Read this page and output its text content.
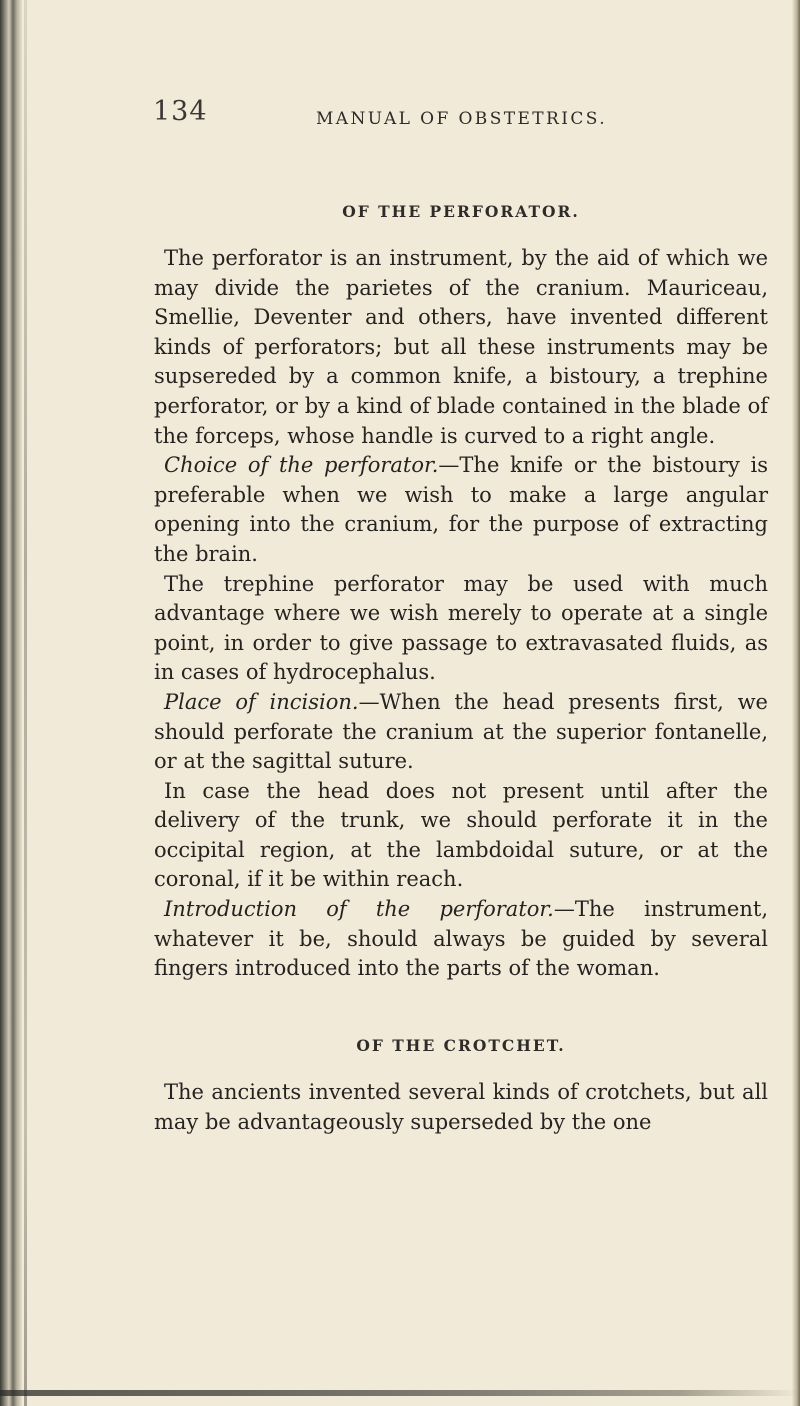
134	MANUAL OF OBSTETRICS.
OF THE PERFORATOR.

The perforator is an instrument, by the aid of which we may divide the parietes of the cranium. Mauriceau, Smellie, Deventer and others, have invented different kinds of perforators; but all these instruments may be supsereded by a common knife, a bistoury, a trephine perforator, or by a kind of blade contained in the blade of the forceps, whose handle is curved to a right angle.

Choice of the perforator.—The knife or the bistoury is preferable when we wish to make a large angular opening into the cranium, for the purpose of extracting the brain.

The trephine perforator may be used with much advantage where we wish merely to operate at a single point, in order to give passage to extravasated fluids, as in cases of hydrocephalus.

Place of incision.—When the head presents first, we should perforate the cranium at the superior fontanelle, or at the sagittal suture.

In case the head does not present until after the delivery of the trunk, we should perforate it in the occipital region, at the lambdoidal suture, or at the coronal, if it be within reach.

Introduction of the perforator.—The instrument, whatever it be, should always be guided by several fingers introduced into the parts of the woman.

OF THE CROTCHET.

The ancients invented several kinds of crotchets, but all may be advantageously superseded by the one
